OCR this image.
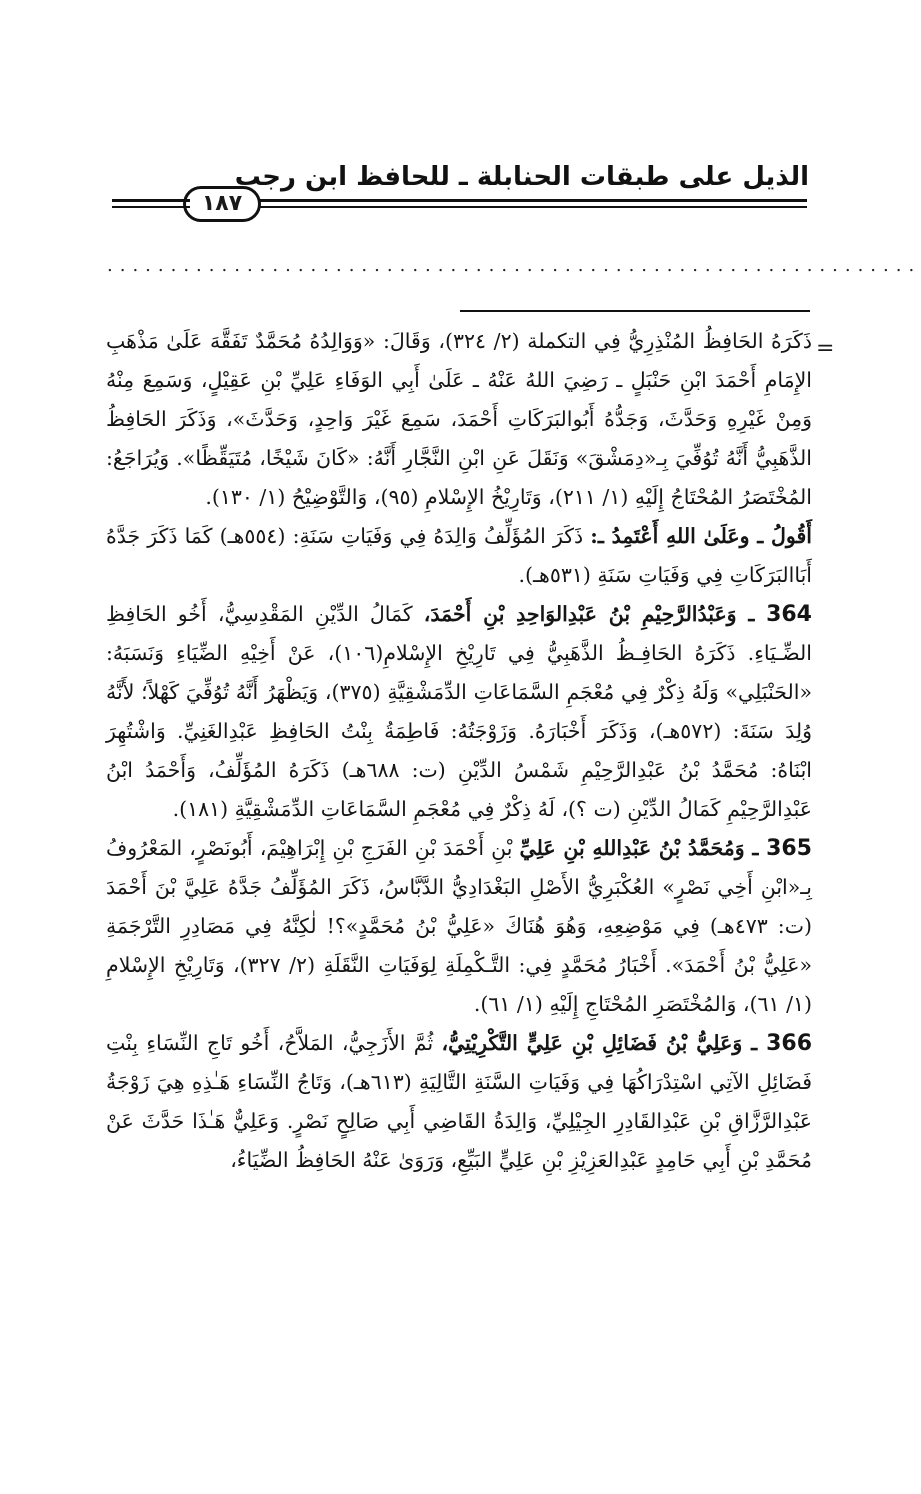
الذيل على طبقات الحنابلة ـ للحافظ ابن رجب
١٨٧
................................................................
=

ذَكَرَهُ الحَافِظُ المُنْذِرِيُّ فِي التكملة (٢/ ٣٢٤)، وَقَالَ: «وَوَالِدُهُ مُحَمَّدٌ تَفَقَّهَ عَلَىٰ مَذْهَبِ الإِمَامِ أَحْمَدَ ابْنِ حَنْبَلٍ ـ رَضِيَ اللهُ عَنْهُ ـ عَلَىٰ أَبِي الوَفَاءِ عَلِيِّ بْنِ عَقِيْلٍ، وَسَمِعَ مِنْهُ وَمِنْ غَيْرِهِ وَحَدَّثَ، وَجَدُّهُ أَبُوالبَرَكَاتِ أَحْمَدَ، سَمِعَ غَيْرَ وَاحِدٍ، وَحَدَّثَ»، وَذَكَرَ الحَافِظُ الذَّهَبِيُّ أَنَّهُ تُوُفِّيَ بِـ«دِمَشْقَ» وَنَقَلَ عَنِ ابْنِ النَّجَّارِ أَنَّهُ: «كَانَ شَيْخًا، مُتَيَقِّظًا». وَيُرَاجَعُ: المُخْتَصَرُ المُحْتَاجُ إِلَيْهِ (١/ ٢١١)، وَتَارِيْخُ الإِسْلامِ (٩٥)، وَالتَّوْضِيْحُ (١/ ١٣٠).

أَقُولُ ـ وعَلَىٰ اللهِ أَعْتَمِدُ ـ: ذَكَرَ المُؤَلِّفُ وَالِدَهُ فِي وَفَيَاتِ سَنَةِ: (٥٥٤هـ) كَمَا ذَكَرَ جَدَّهُ أَبَاالبَرَكَاتِ فِي وَفَيَاتِ سَنَةِ (٥٣١هـ).

364 ـ وَعَبْدُالرَّحِيْمِ بْنُ عَبْدِالوَاحِدِ بْنِ أَحْمَدَ، كَمَالُ الدِّيْنِ المَقْدِسِيُّ، أَخُو الحَافِظِ الضِّـيَاءِ. ذَكَرَهُ الحَافِـظُ الذَّهَبِيُّ فِي تَارِيْخِ الإِسْلامِ(١٠٦)، عَنْ أَخِيْهِ الضِّيَاءِ وَنَسَبَهُ: «الحَنْبَلِي» وَلَهُ ذِكْرٌ فِي مُعْجَمِ السَّمَاعَاتِ الدِّمَشْقِيَّةِ (٣٧٥)، وَيَظْهَرُ أَنَّهُ تُوُفِّيَ كَهْلاً؛ لأَنَّهُ وُلِدَ سَنَةَ: (٥٧٢هـ)، وَذَكَرَ أَخْبَارَهُ. وَزَوْجَتُهُ: فَاطِمَةُ بِنْتُ الحَافِظِ عَبْدِالغَنِيِّ. وَاشْتُهِرَ ابْنَاهُ: مُحَمَّدُ بْنُ عَبْدِالرَّحِيْمِ شَمْسُ الدِّيْنِ (ت: ٦٨٨هـ) ذَكَرَهُ المُؤَلِّفُ، وَأَحْمَدُ ابْنُ عَبْدِالرَّحِيْمِ كَمَالُ الدِّيْنِ (ت ؟)، لَهُ ذِكْرٌ فِي مُعْجَمِ السَّمَاعَاتِ الدِّمَشْقِيَّةِ (١٨١).

365 ـ وَمُحَمَّدُ بْنُ عَبْدِاللهِ بْنِ عَلِيِّ بْنِ أَحْمَدَ بْنِ الفَرَجِ بْنِ إِبْرَاهِيْمَ، أَبُونَصْرٍ، المَعْرُوفُ بِـ«ابْنِ أَخِي نَصْرٍ» العُكْبَرِيُّ الأَصْلِ البَغْدَادِيُّ الدَّبَّاسُ، ذَكَرَ المُؤَلِّفُ جَدَّهُ عَلِيَّ بْنَ أَحْمَدَ (ت: ٤٧٣هـ) فِي مَوْضِعِهِ، وَهُوَ هُنَاكَ «عَلِيُّ بْنُ مُحَمَّدٍ»؟! لٰكِنَّهُ فِي مَصَادِرِ التَّرْجَمَةِ «عَلِيُّ بْنُ أَحْمَدَ». أَخْبَارُ مُحَمَّدٍ فِي: التَّـكْمِلَةِ لِوَفَيَاتِ النَّقَلَةِ (٢/ ٣٢٧)، وَتَارِيْخِ الإِسْلامِ (١/ ٦١)، وَالمُخْتَصَرِ المُحْتَاجِ إِلَيْهِ (١/ ٦١).

366 ـ وَعَلِيُّ بْنُ فَضَائِلِ بْنِ عَلِيٍّ التَّكْرِيْتِيُّ، ثُمَّ الأَزَجِيُّ، المَلاَّحُ، أَخُو تَاجِ النِّسَاءِ بِنْتِ فَضَائِلِ الآتِي اسْتِدْرَاكُهَا فِي وَفَيَاتِ السَّنَةِ التَّالِيَةِ (٦١٣هـ)، وَتَاجُ النِّسَاءِ هَـٰذِهِ هِيَ زَوْجَةُ عَبْدِالرَّزَّاقِ بْنِ عَبْدِالقَادِرِ الجِيْلِيِّ، وَالِدَةُ القَاضِي أَبِي صَالِحٍ نَصْرٍ. وَعَلِيٌّ هَـٰذَا حَدَّثَ عَنْ مُحَمَّدِ بْنِ أَبِي حَامِدٍ عَبْدِالعَزِيْزِ بْنِ عَلِيٍّ البَيِّعِ، وَرَوَىٰ عَنْهُ الحَافِظُ الضِّيَاءُ،
